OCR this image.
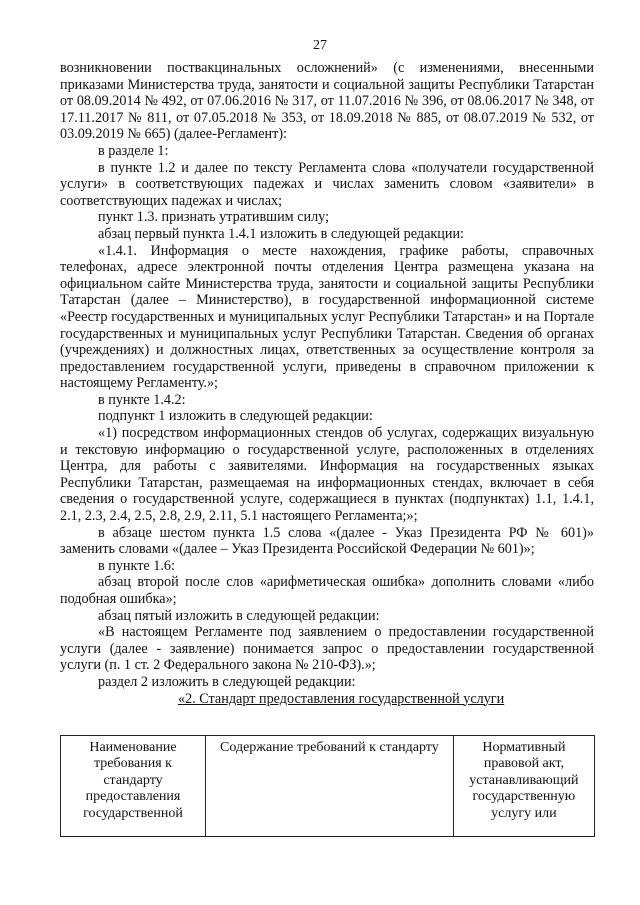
27

возникновении поствакцинальных осложнений» (с изменениями, внесенными приказами Министерства труда, занятости и социальной защиты Республики Татарстан от 08.09.2014 № 492, от 07.06.2016 № 317, от 11.07.2016 № 396, от 08.06.2017 № 348, от 17.11.2017 № 811, от 07.05.2018 № 353, от 18.09.2018 № 885, от 08.07.2019 № 532, от 03.09.2019 № 665) (далее-Регламент):

в разделе 1:

в пункте 1.2 и далее по тексту Регламента слова «получатели государственной услуги» в соответствующих падежах и числах заменить словом «заявители» в соответствующих падежах и числах;

пункт 1.3. признать утратившим силу;

абзац первый пункта 1.4.1 изложить в следующей редакции:

«1.4.1. Информация о месте нахождения, графике работы, справочных телефонах, адресе электронной почты отделения Центра размещена указана на официальном сайте Министерства труда, занятости и социальной защиты Республики Татарстан (далее – Министерство), в государственной информационной системе «Реестр государственных и муниципальных услуг Республики Татарстан» и на Портале государственных и муниципальных услуг Республики Татарстан. Сведения об органах (учреждениях) и должностных лицах, ответственных за осуществление контроля за предоставлением государственной услуги, приведены в справочном приложении к настоящему Регламенту.»;

в пункте 1.4.2:

подпункт 1 изложить в следующей редакции:

«1) посредством информационных стендов об услугах, содержащих визуальную и текстовую информацию о государственной услуге, расположенных в отделениях Центра, для работы с заявителями. Информация на государственных языках Республики Татарстан, размещаемая на информационных стендах, включает в себя сведения о государственной услуге, содержащиеся в пунктах (подпунктах) 1.1, 1.4.1, 2.1, 2.3, 2.4, 2.5, 2.8, 2.9, 2.11, 5.1 настоящего Регламента;»;

в абзаце шестом пункта 1.5 слова «(далее - Указ Президента РФ № 601)» заменить словами «(далее – Указ Президента Российской Федерации № 601)»;

в пункте 1.6:

абзац второй после слов «арифметическая ошибка» дополнить словами «либо подобная ошибка»;

абзац пятый изложить в следующей редакции:

«В настоящем Регламенте под заявлением о предоставлении государственной услуги (далее - заявление) понимается запрос о предоставлении государственной услуги (п. 1 ст. 2 Федерального закона № 210-ФЗ).»;

раздел 2 изложить в следующей редакции:

«2. Стандарт предоставления государственной услуги

Наименование требования к стандарту предоставления государственной	Содержание требований к стандарту	Нормативный правовой акт, устанавливающий государственную услугу или
